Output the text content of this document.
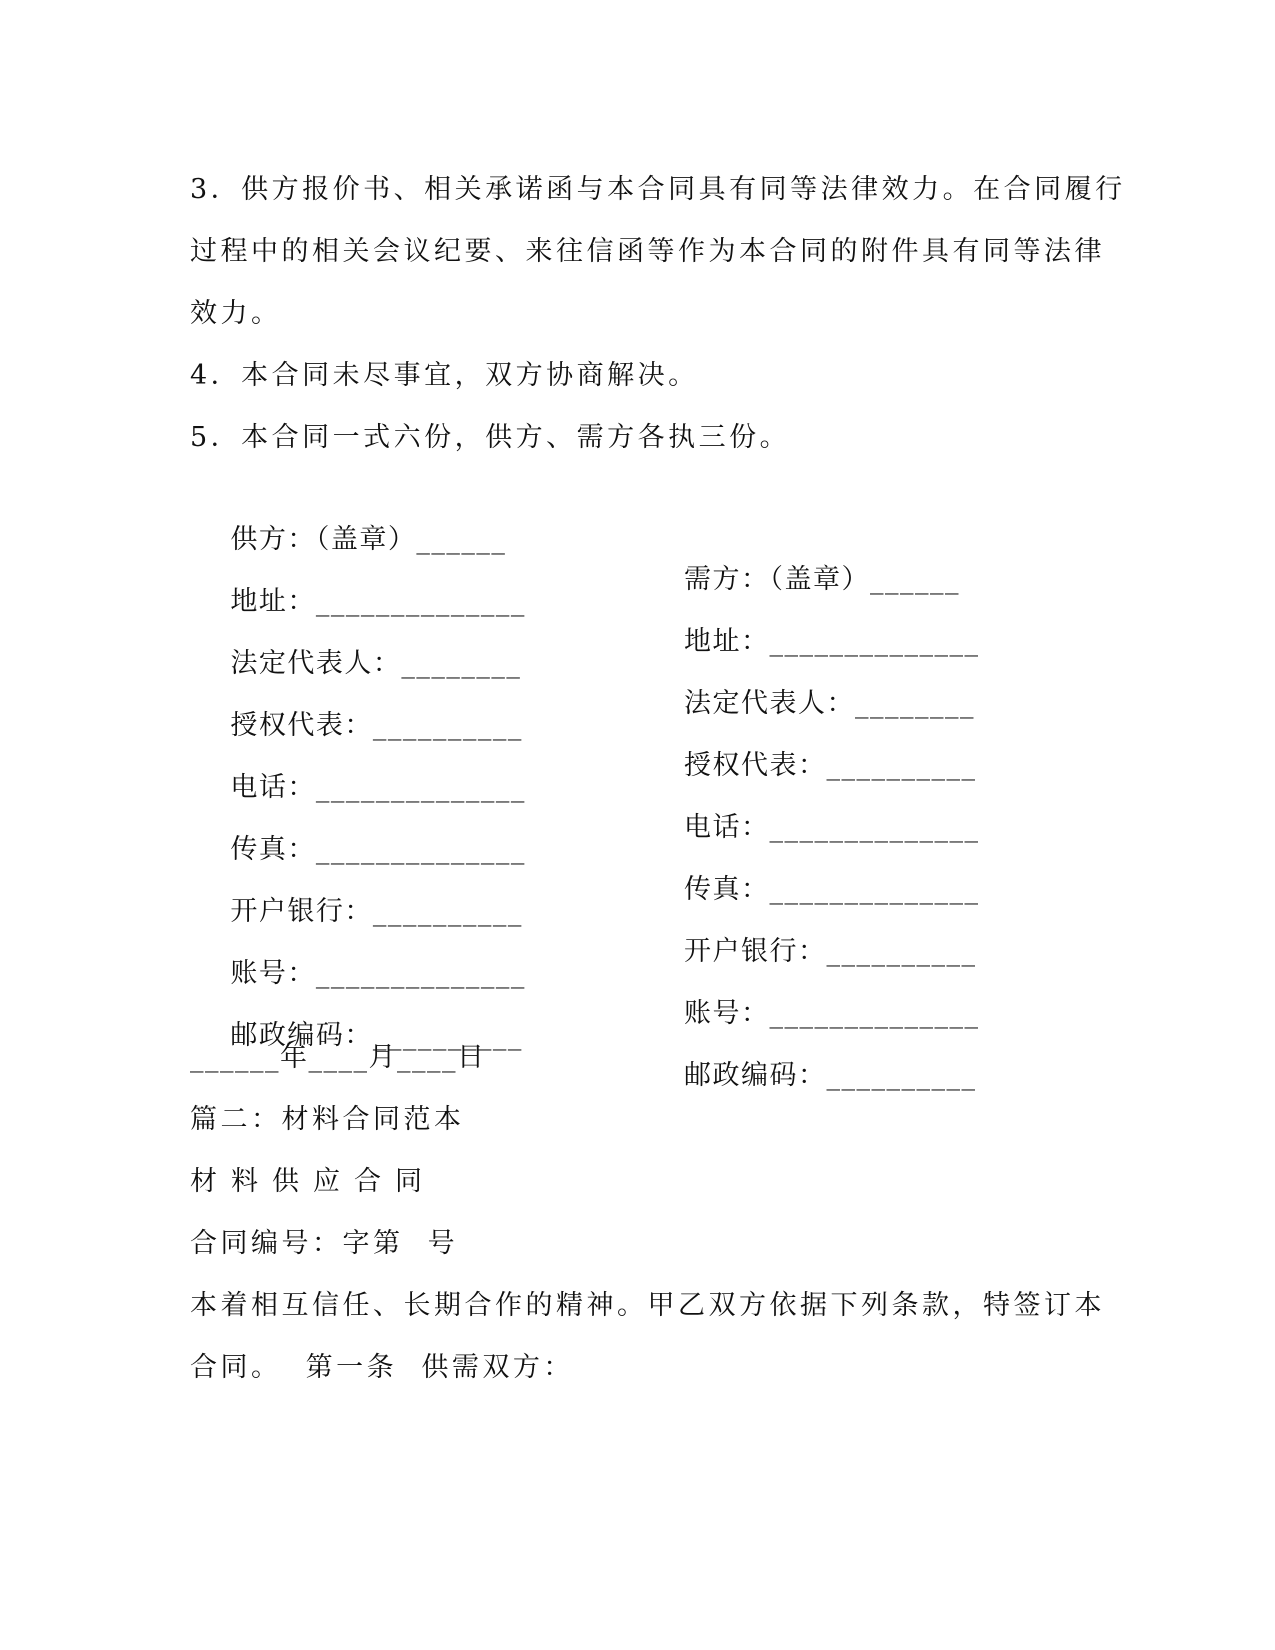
3．供方报价书、相关承诺函与本合同具有同等法律效力。在合同履行
过程中的相关会议纪要、来往信函等作为本合同的附件具有同等法律
效力。
4．本合同未尽事宜，双方协商解决。
5．本合同一式六份，供方、需方各执三份。

供方：（盖章）______

需方：（盖章）______

地址：______________

地址：______________

法定代表人：________

法定代表人：________

授权代表：__________

授权代表：__________

电话：______________

电话：______________

传真：______________

传真：______________

开户银行：__________

开户银行：__________

账号：______________

账号：______________

邮政编码：__________

邮政编码：__________

______年____月____日
篇二：材料合同范本
材料供应合同
合同编号：字第  号
本着相互信任、长期合作的精神。甲乙双方依据下列条款，特签订本
合同。  第一条  供需双方：
